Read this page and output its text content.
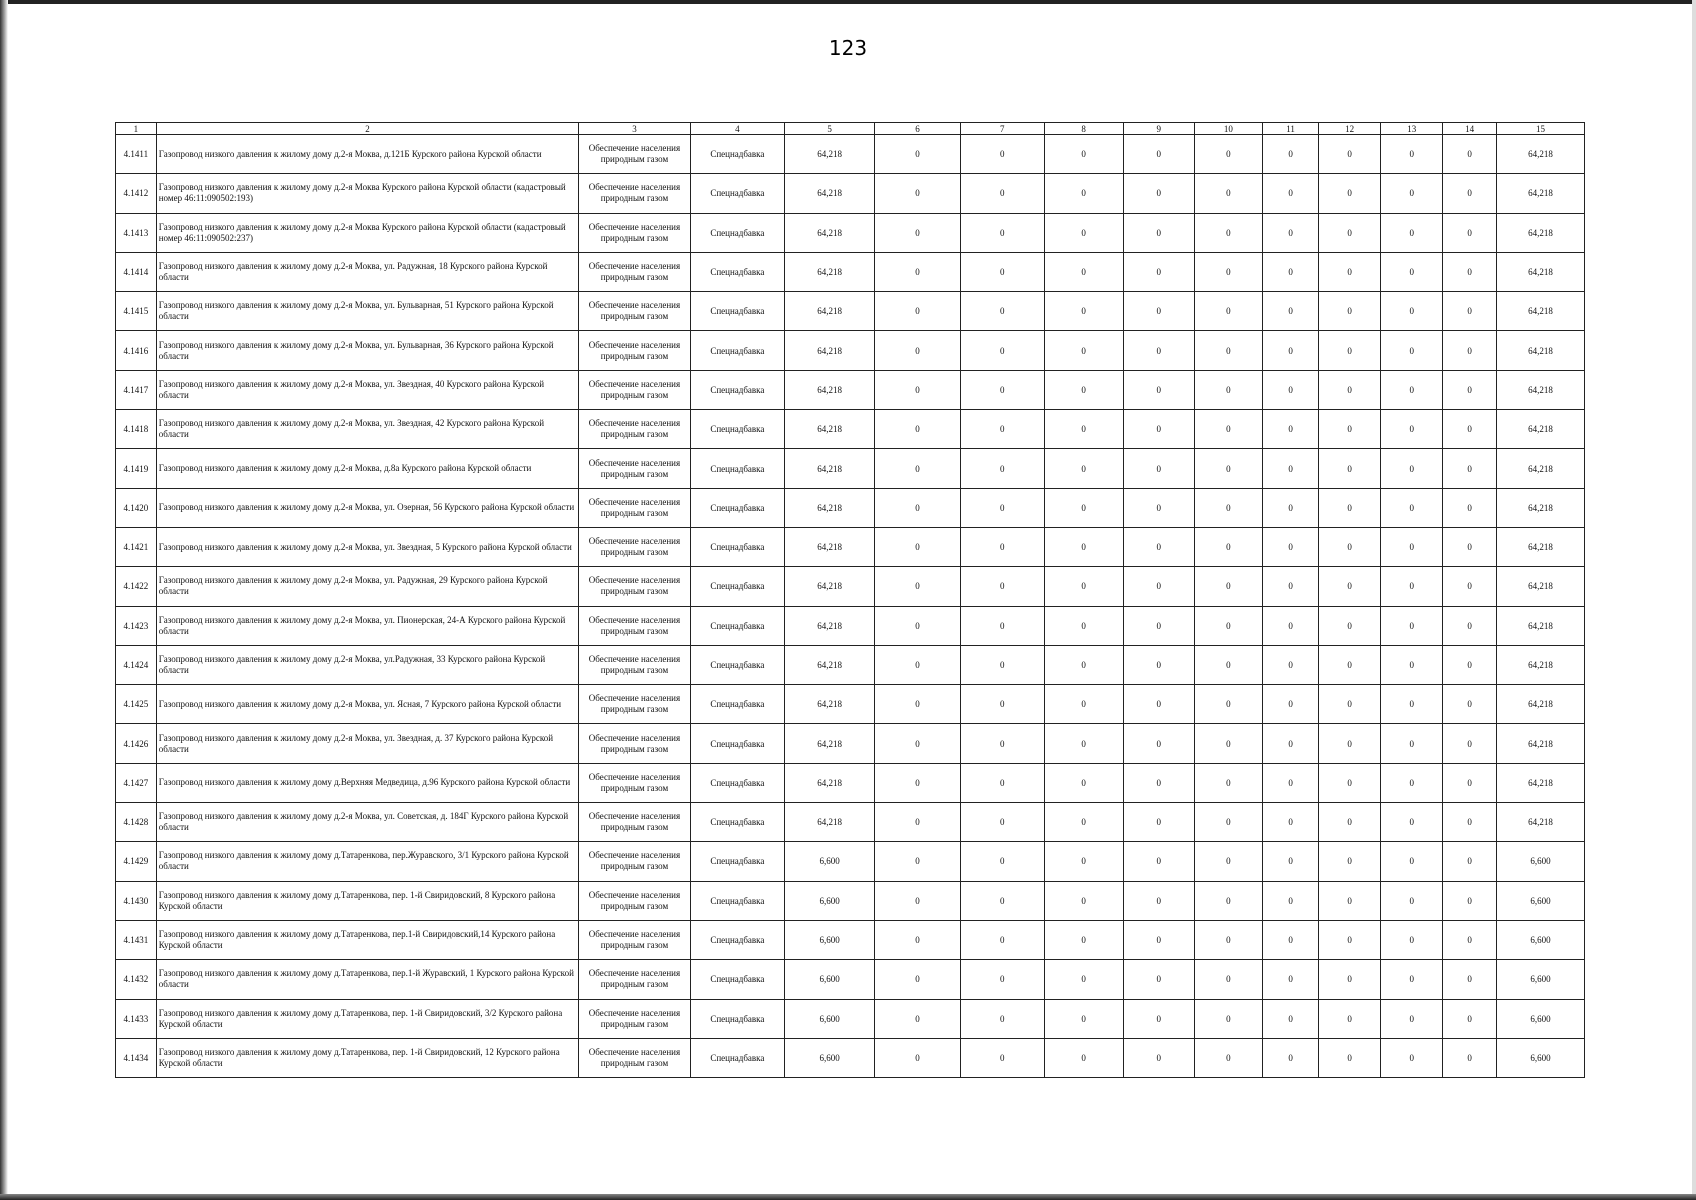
123
1	2	3	4	5	6	7	8	9	10	11	12	13	14	15
4.1411	Газопровод низкого давления к жилому дому д.2-я Моква, д.121Б Курского района Курской области	Обеспечение населения природным газом	Спецнадбавка	64,218	0	0	0	0	0	0	0	0	0	64,218
4.1412	Газопровод низкого давления к жилому дому д.2-я Моква Курского района Курской области (кадастровый номер 46:11:090502:193)	Обеспечение населения природным газом	Спецнадбавка	64,218	0	0	0	0	0	0	0	0	0	64,218
4.1413	Газопровод низкого давления к жилому дому д.2-я Моква Курского района Курской области (кадастровый номер 46:11:090502:237)	Обеспечение населения природным газом	Спецнадбавка	64,218	0	0	0	0	0	0	0	0	0	64,218
4.1414	Газопровод низкого давления к жилому дому д.2-я Моква, ул. Радужная, 18 Курского района Курской области	Обеспечение населения природным газом	Спецнадбавка	64,218	0	0	0	0	0	0	0	0	0	64,218
4.1415	Газопровод низкого давления к жилому дому д.2-я Моква, ул. Бульварная, 51 Курского района Курской области	Обеспечение населения природным газом	Спецнадбавка	64,218	0	0	0	0	0	0	0	0	0	64,218
4.1416	Газопровод низкого давления к жилому дому д.2-я Моква, ул. Бульварная, 36 Курского района Курской области	Обеспечение населения природным газом	Спецнадбавка	64,218	0	0	0	0	0	0	0	0	0	64,218
4.1417	Газопровод низкого давления к жилому дому д.2-я Моква, ул. Звездная, 40 Курского района Курской области	Обеспечение населения природным газом	Спецнадбавка	64,218	0	0	0	0	0	0	0	0	0	64,218
4.1418	Газопровод низкого давления к жилому дому д.2-я Моква, ул. Звездная, 42 Курского района Курской области	Обеспечение населения природным газом	Спецнадбавка	64,218	0	0	0	0	0	0	0	0	0	64,218
4.1419	Газопровод низкого давления к жилому дому д.2-я Моква, д.8а Курского района Курской области	Обеспечение населения природным газом	Спецнадбавка	64,218	0	0	0	0	0	0	0	0	0	64,218
4.1420	Газопровод низкого давления к жилому дому д.2-я Моква, ул. Озерная, 56 Курского района Курской области	Обеспечение населения природным газом	Спецнадбавка	64,218	0	0	0	0	0	0	0	0	0	64,218
4.1421	Газопровод низкого давления к жилому дому д.2-я Моква, ул. Звездная, 5 Курского района Курской области	Обеспечение населения природным газом	Спецнадбавка	64,218	0	0	0	0	0	0	0	0	0	64,218
4.1422	Газопровод низкого давления к жилому дому д.2-я Моква, ул. Радужная, 29 Курского района Курской области	Обеспечение населения природным газом	Спецнадбавка	64,218	0	0	0	0	0	0	0	0	0	64,218
4.1423	Газопровод низкого давления к жилому дому д.2-я Моква, ул. Пионерская, 24-А Курского района Курской области	Обеспечение населения природным газом	Спецнадбавка	64,218	0	0	0	0	0	0	0	0	0	64,218
4.1424	Газопровод низкого давления к жилому дому д.2-я Моква, ул.Радужная, 33 Курского района Курской области	Обеспечение населения природным газом	Спецнадбавка	64,218	0	0	0	0	0	0	0	0	0	64,218
4.1425	Газопровод низкого давления к жилому дому д.2-я Моква, ул. Ясная, 7 Курского района Курской области	Обеспечение населения природным газом	Спецнадбавка	64,218	0	0	0	0	0	0	0	0	0	64,218
4.1426	Газопровод низкого давления к жилому дому д.2-я Моква, ул. Звездная, д. 37 Курского района Курской области	Обеспечение населения природным газом	Спецнадбавка	64,218	0	0	0	0	0	0	0	0	0	64,218
4.1427	Газопровод низкого давления к жилому дому д.Верхняя Медведица, д.96 Курского района Курской области	Обеспечение населения природным газом	Спецнадбавка	64,218	0	0	0	0	0	0	0	0	0	64,218
4.1428	Газопровод низкого давления к жилому дому д.2-я Моква, ул. Советская, д. 184Г Курского района Курской области	Обеспечение населения природным газом	Спецнадбавка	64,218	0	0	0	0	0	0	0	0	0	64,218
4.1429	Газопровод низкого давления к жилому дому д.Татаренкова, пер.Журавского, 3/1 Курского района Курской области	Обеспечение населения природным газом	Спецнадбавка	6,600	0	0	0	0	0	0	0	0	0	6,600
4.1430	Газопровод низкого давления к жилому дому д.Татаренкова, пер. 1-й Свиридовский, 8 Курского района Курской области	Обеспечение населения природным газом	Спецнадбавка	6,600	0	0	0	0	0	0	0	0	0	6,600
4.1431	Газопровод низкого давления к жилому дому д.Татаренкова, пер.1-й Свиридовский,14 Курского района Курской области	Обеспечение населения природным газом	Спецнадбавка	6,600	0	0	0	0	0	0	0	0	0	6,600
4.1432	Газопровод низкого давления к жилому дому д.Татаренкова, пер.1-й Журавский, 1 Курского района Курской области	Обеспечение населения природным газом	Спецнадбавка	6,600	0	0	0	0	0	0	0	0	0	6,600
4.1433	Газопровод низкого давления к жилому дому д.Татаренкова, пер. 1-й Свиридовский, 3/2 Курского района Курской области	Обеспечение населения природным газом	Спецнадбавка	6,600	0	0	0	0	0	0	0	0	0	6,600
4.1434	Газопровод низкого давления к жилому дому д.Татаренкова, пер. 1-й Свиридовский, 12 Курского района Курской области	Обеспечение населения природным газом	Спецнадбавка	6,600	0	0	0	0	0	0	0	0	0	6,600
